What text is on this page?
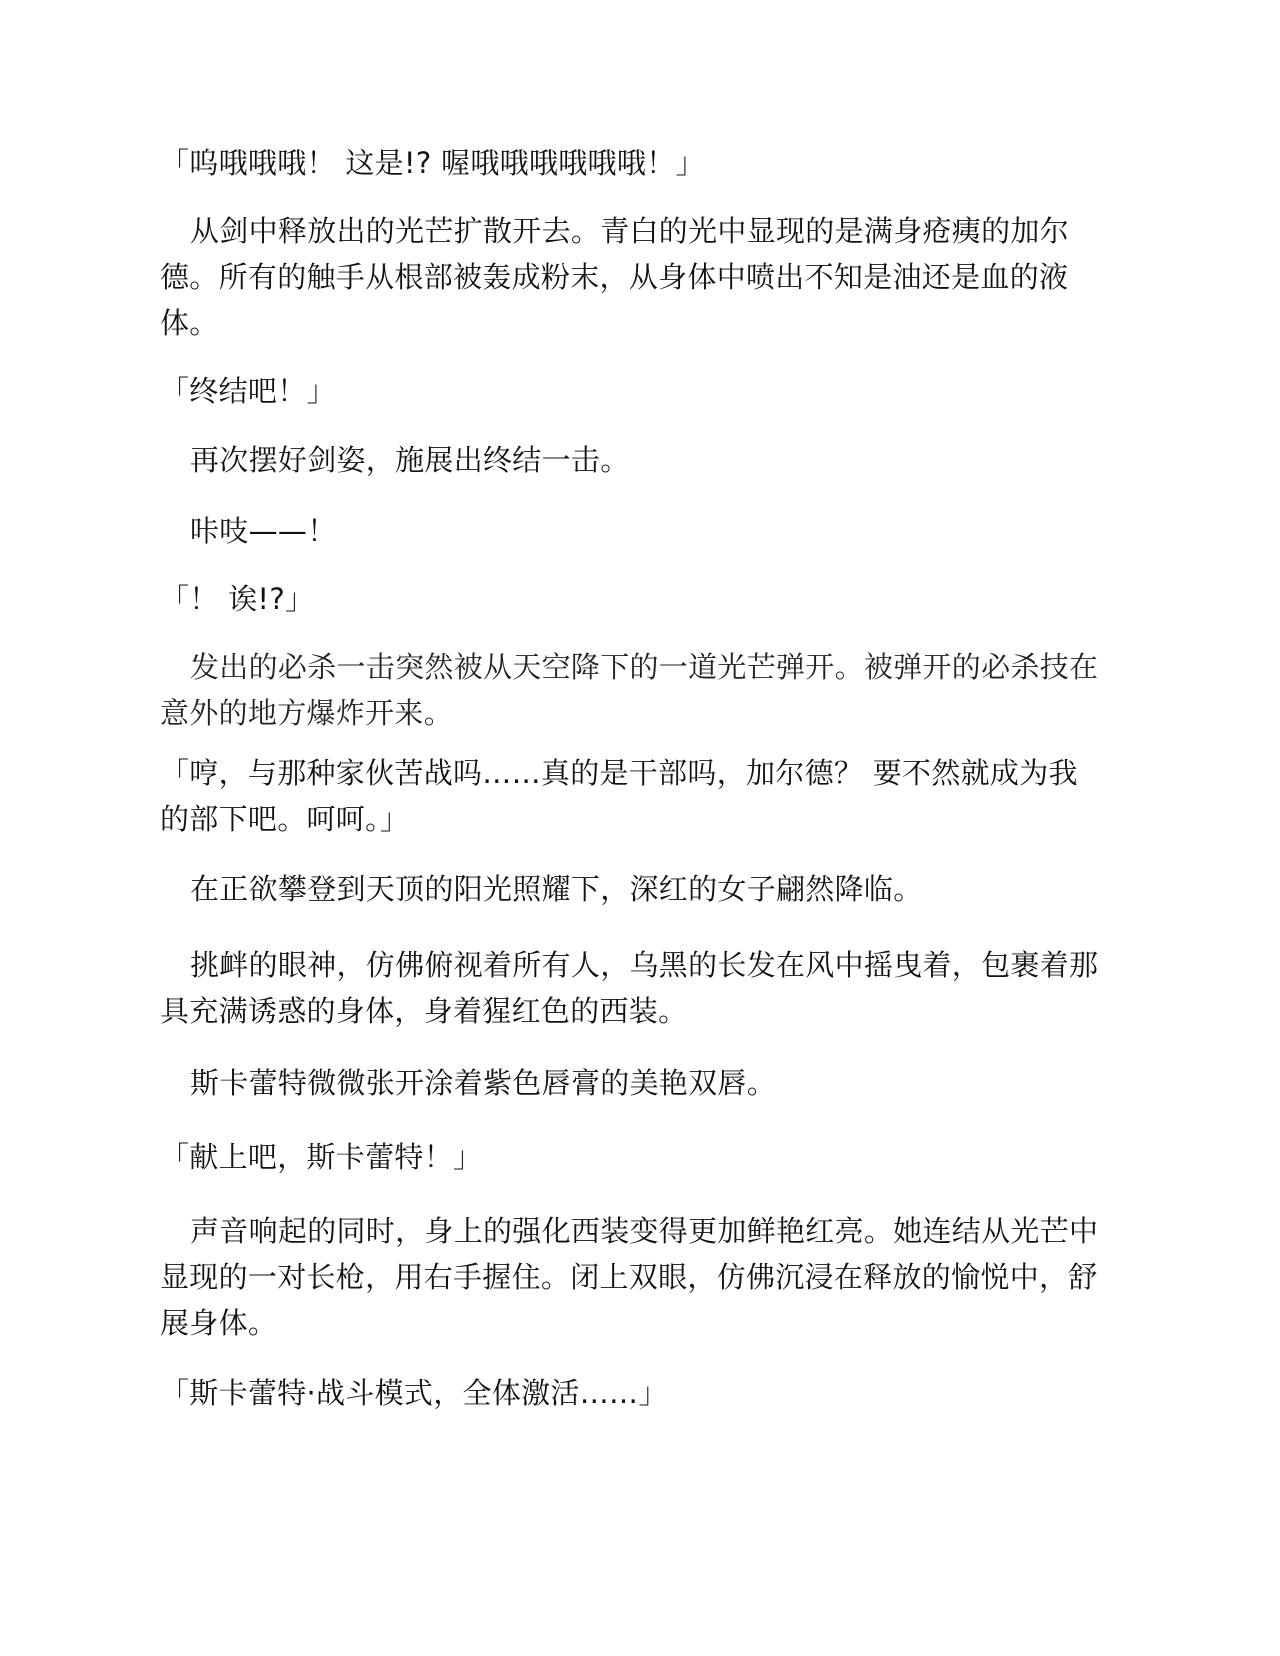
「呜哦哦哦！ 这是!? 喔哦哦哦哦哦哦！」

从剑中释放出的光芒扩散开去。青白的光中显现的是满身疮痍的加尔德。所有的触手从根部被轰成粉末，从身体中喷出不知是油还是血的液体。

「终结吧！」

再次摆好剑姿，施展出终结一击。

咔吱——！

「！ 诶!?」

发出的必杀一击突然被从天空降下的一道光芒弹开。被弹开的必杀技在意外的地方爆炸开来。

「哼，与那种家伙苦战吗……真的是干部吗，加尔德？ 要不然就成为我的部下吧。呵呵。」

在正欲攀登到天顶的阳光照耀下，深红的女子翩然降临。

挑衅的眼神，仿佛俯视着所有人，乌黑的长发在风中摇曳着，包裹着那具充满诱惑的身体，身着猩红色的西装。

斯卡蕾特微微张开涂着紫色唇膏的美艳双唇。

「献上吧，斯卡蕾特！」

声音响起的同时，身上的强化西装变得更加鲜艳红亮。她连结从光芒中显现的一对长枪，用右手握住。闭上双眼，仿佛沉浸在释放的愉悦中，舒展身体。

「斯卡蕾特·战斗模式，全体激活……」
